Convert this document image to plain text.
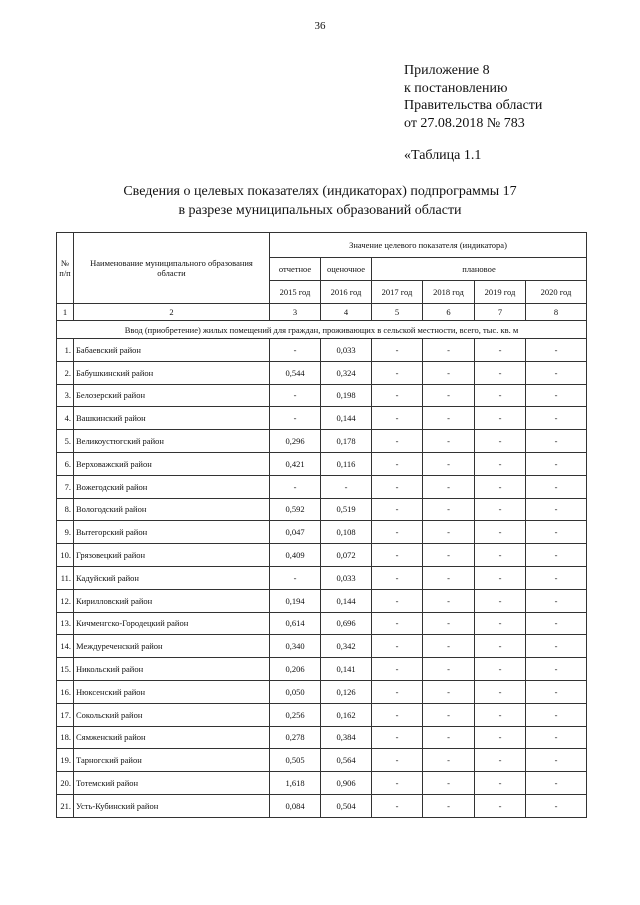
36
Приложение 8
к постановлению
Правительства области
от 27.08.2018 № 783
«Таблица 1.1
Сведения о целевых показателях (индикаторах) подпрограммы 17
в разрезе муниципальных образований области
№ п/п	Наименование муниципального образования области	Значение целевого показателя (индикатора)					
		отчетное	оценочное	плановое			
		2015 год	2016 год	2017 год	2018 год	2019 год	2020 год
1	2	3	4	5	6	7	8
Ввод (приобретение) жилых помещений для граждан, проживающих в сельской местности, всего, тыс. кв. м							
1.	Бабаевский район	-	0,033	-	-	-	-
2.	Бабушкинский район	0,544	0,324	-	-	-	-
3.	Белозерский район	-	0,198	-	-	-	-
4.	Вашкинский район	-	0,144	-	-	-	-
5.	Великоустюгский район	0,296	0,178	-	-	-	-
6.	Верховажский район	0,421	0,116	-	-	-	-
7.	Вожегодский район	-	-	-	-	-	-
8.	Вологодский район	0,592	0,519	-	-	-	-
9.	Вытегорский район	0,047	0,108	-	-	-	-
10.	Грязовецкий район	0,409	0,072	-	-	-	-
11.	Кадуйский район	-	0,033	-	-	-	-
12.	Кирилловский район	0,194	0,144	-	-	-	-
13.	Кичменгско-Городецкий район	0,614	0,696	-	-	-	-
14.	Междуреченский район	0,340	0,342	-	-	-	-
15.	Никольский район	0,206	0,141	-	-	-	-
16.	Нюксенский район	0,050	0,126	-	-	-	-
17.	Сокольский район	0,256	0,162	-	-	-	-
18.	Сямженский район	0,278	0,384	-	-	-	-
19.	Тарногский район	0,505	0,564	-	-	-	-
20.	Тотемский район	1,618	0,906	-	-	-	-
21.	Усть-Кубинский район	0,084	0,504	-	-	-	-
